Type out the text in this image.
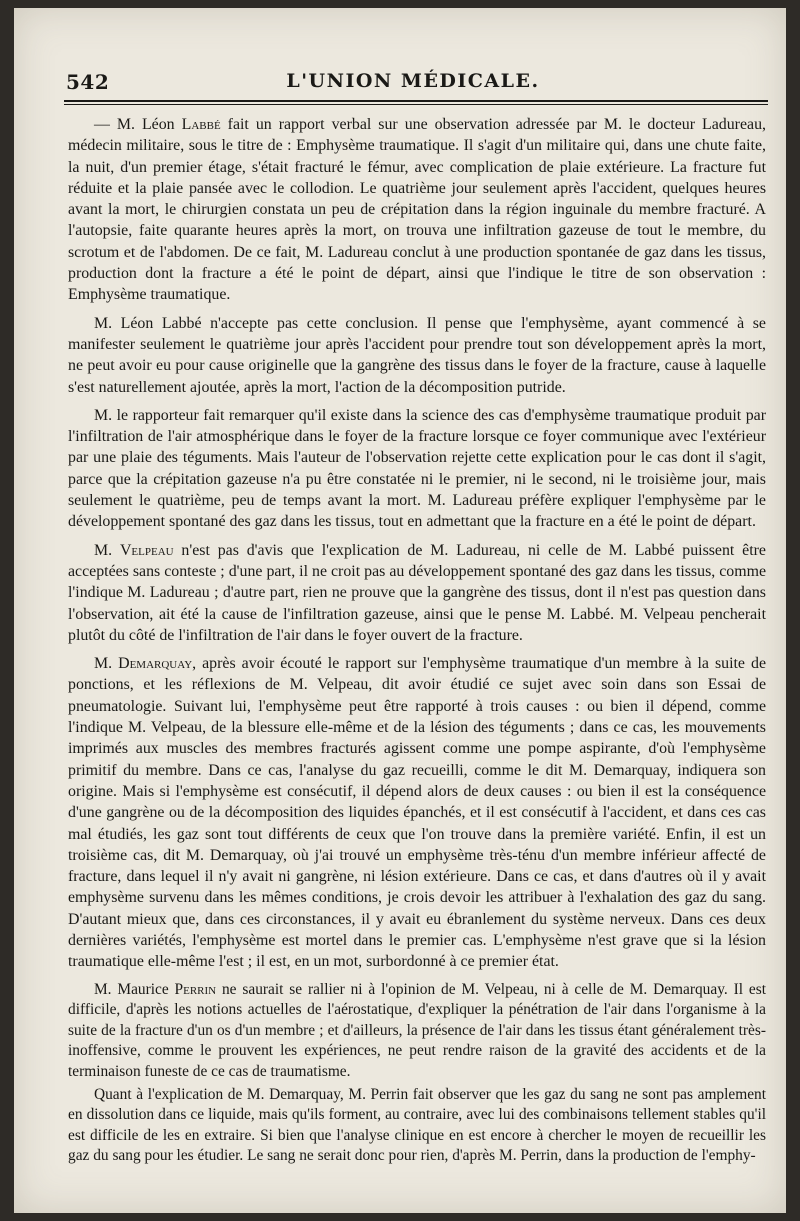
542	L'UNION MÉDICALE.

— M. Léon Labbé fait un rapport verbal sur une observation adressée par M. le docteur Ladureau, médecin militaire, sous le titre de : Emphysème traumatique. Il s'agit d'un militaire qui, dans une chute faite, la nuit, d'un premier étage, s'était fracturé le fémur, avec complication de plaie extérieure. La fracture fut réduite et la plaie pansée avec le collodion. Le quatrième jour seulement après l'accident, quelques heures avant la mort, le chirurgien constata un peu de crépitation dans la région inguinale du membre fracturé. A l'autopsie, faite quarante heures après la mort, on trouva une infiltration gazeuse de tout le membre, du scrotum et de l'abdomen. De ce fait, M. Ladureau conclut à une production spontanée de gaz dans les tissus, production dont la fracture a été le point de départ, ainsi que l'indique le titre de son observation : Emphysème traumatique.

M. Léon Labbé n'accepte pas cette conclusion. Il pense que l'emphysème, ayant commencé à se manifester seulement le quatrième jour après l'accident pour prendre tout son développement après la mort, ne peut avoir eu pour cause originelle que la gangrène des tissus dans le foyer de la fracture, cause à laquelle s'est naturellement ajoutée, après la mort, l'action de la décomposition putride.

M. le rapporteur fait remarquer qu'il existe dans la science des cas d'emphysème traumatique produit par l'infiltration de l'air atmosphérique dans le foyer de la fracture lorsque ce foyer communique avec l'extérieur par une plaie des téguments. Mais l'auteur de l'observation rejette cette explication pour le cas dont il s'agit, parce que la crépitation gazeuse n'a pu être constatée ni le premier, ni le second, ni le troisième jour, mais seulement le quatrième, peu de temps avant la mort. M. Ladureau préfère expliquer l'emphysème par le développement spontané des gaz dans les tissus, tout en admettant que la fracture en a été le point de départ.

M. Velpeau n'est pas d'avis que l'explication de M. Ladureau, ni celle de M. Labbé puissent être acceptées sans conteste ; d'une part, il ne croit pas au développement spontané des gaz dans les tissus, comme l'indique M. Ladureau ; d'autre part, rien ne prouve que la gangrène des tissus, dont il n'est pas question dans l'observation, ait été la cause de l'infiltration gazeuse, ainsi que le pense M. Labbé. M. Velpeau pencherait plutôt du côté de l'infiltration de l'air dans le foyer ouvert de la fracture.

M. Demarquay, après avoir écouté le rapport sur l'emphysème traumatique d'un membre à la suite de ponctions, et les réflexions de M. Velpeau, dit avoir étudié ce sujet avec soin dans son Essai de pneumatologie. Suivant lui, l'emphysème peut être rapporté à trois causes : ou bien il dépend, comme l'indique M. Velpeau, de la blessure elle-même et de la lésion des téguments ; dans ce cas, les mouvements imprimés aux muscles des membres fracturés agissent comme une pompe aspirante, d'où l'emphysème primitif du membre. Dans ce cas, l'analyse du gaz recueilli, comme le dit M. Demarquay, indiquera son origine. Mais si l'emphysème est consécutif, il dépend alors de deux causes : ou bien il est la conséquence d'une gangrène ou de la décomposition des liquides épanchés, et il est consécutif à l'accident, et dans ces cas mal étudiés, les gaz sont tout différents de ceux que l'on trouve dans la première variété. Enfin, il est un troisième cas, dit M. Demarquay, où j'ai trouvé un emphysème très-ténu d'un membre inférieur affecté de fracture, dans lequel il n'y avait ni gangrène, ni lésion extérieure. Dans ce cas, et dans d'autres où il y avait emphysème survenu dans les mêmes conditions, je crois devoir les attribuer à l'exhalation des gaz du sang. D'autant mieux que, dans ces circonstances, il y avait eu ébranlement du système nerveux. Dans ces deux dernières variétés, l'emphysème est mortel dans le premier cas. L'emphysème n'est grave que si la lésion traumatique elle-même l'est ; il est, en un mot, surbordonné à ce premier état.

M. Maurice Perrin ne saurait se rallier ni à l'opinion de M. Velpeau, ni à celle de M. Demarquay. Il est difficile, d'après les notions actuelles de l'aérostatique, d'expliquer la pénétration de l'air dans l'organisme à la suite de la fracture d'un os d'un membre ; et d'ailleurs, la présence de l'air dans les tissus étant généralement très-inoffensive, comme le prouvent les expériences, ne peut rendre raison de la gravité des accidents et de la terminaison funeste de ce cas de traumatisme.

Quant à l'explication de M. Demarquay, M. Perrin fait observer que les gaz du sang ne sont pas amplement en dissolution dans ce liquide, mais qu'ils forment, au contraire, avec lui des combinaisons tellement stables qu'il est difficile de les en extraire. Si bien que l'analyse clinique en est encore à chercher le moyen de recueillir les gaz du sang pour les étudier. Le sang ne serait donc pour rien, d'après M. Perrin, dans la production de l'emphy-
